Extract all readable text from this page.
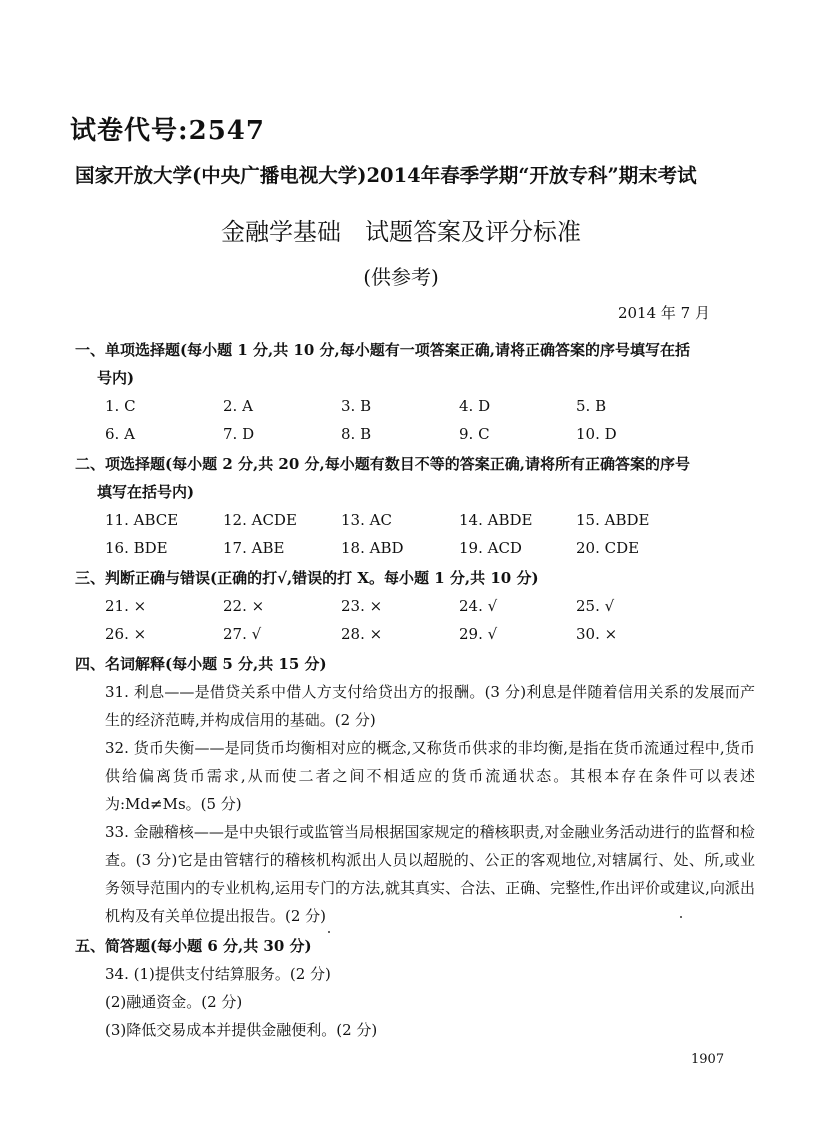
试卷代号:2547
国家开放大学(中央广播电视大学)2014年春季学期“开放专科”期末考试
金融学基础　试题答案及评分标准
(供参考)
2014 年 7 月
一、单项选择题(每小题 1 分,共 10 分,每小题有一项答案正确,请将正确答案的序号填写在括
号内)
1. C	2. A	3. B	4. D	5. B
6. A	7. D	8. B	9. C	10. D
二、项选择题(每小题 2 分,共 20 分,每小题有数目不等的答案正确,请将所有正确答案的序号
填写在括号内)
11. ABCE	12. ACDE	13. AC	14. ABDE	15. ABDE
16. BDE	17. ABE	18. ABD	19. ACD	20. CDE
三、判断正确与错误(正确的打√,错误的打 X。每小题 1 分,共 10 分)
21. ×	22. ×	23. ×	24. √	25. √
26. ×	27. √	28. ×	29. √	30. ×
四、名词解释(每小题 5 分,共 15 分)
31. 利息——是借贷关系中借人方支付给贷出方的报酬。(3 分)利息是伴随着信用关系的发展而产生的经济范畴,并构成信用的基础。(2 分)
32. 货币失衡——是同货币均衡相对应的概念,又称货币供求的非均衡,是指在货币流通过程中,货币供给偏离货币需求,从而使二者之间不相适应的货币流通状态。其根本存在条件可以表述为:Md≠Ms。(5 分)
33. 金融稽核——是中央银行或监管当局根据国家规定的稽核职责,对金融业务活动进行的监督和检查。(3 分)它是由管辖行的稽核机构派出人员以超脱的、公正的客观地位,对辖属行、处、所,或业务领导范围内的专业机构,运用专门的方法,就其真实、合法、正确、完整性,作出评价或建议,向派出机构及有关单位提出报告。(2 分)
五、简答题(每小题 6 分,共 30 分)
34. (1)提供支付结算服务。(2 分)
(2)融通资金。(2 分)
(3)降低交易成本并提供金融便利。(2 分)
1907
